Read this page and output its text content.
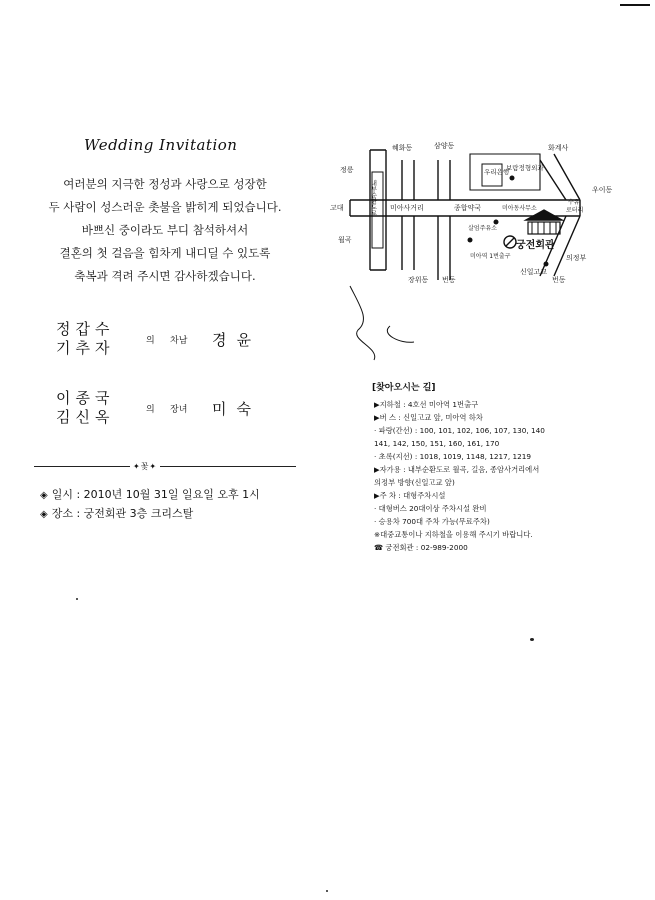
Wedding Invitation
여러분의 지극한 정성과 사랑으로 성장한
두 사람이 성스러운 촛불을 밝히게 되었습니다.
바쁘신 중이라도 부디 참석하셔서
결혼의 첫 걸음을 힘차게 내디딜 수 있도록
축복과 격려 주시면 감사하겠습니다.
정갑수
기추자	의 차남 경윤
이종국
김신옥	의 장녀 미숙
✦꽃✦
◈ 일시 : 2010년 10월 31일 일요일 오후 1시
◈ 장소 : 궁전회관 3층 크리스탈
혜화동	삼양동	화계사
정릉
고대
월곡
미아사거리
우리은행
보람정형외과
종합약국	미아동사무소
수유
로터리
우이동
살엄주유소
미아역 1번출구
궁전회관
신일고교
장위동 번동
의정부
번동
내부순환도로
[찾아오시는 길]
▶지하철 : 4호선 미아역 1번출구
▶버 스 : 신일고교 앞, 미아역 하차
· 파랑(간선) : 100, 101, 102, 106, 107, 130, 140
141, 142, 150, 151, 160, 161, 170
· 초록(지선) : 1018, 1019, 1148, 1217, 1219
▶자가용 : 내부순환도로 월곡, 길음, 종암사거리에서
의정부 방향(신일고교 앞)
▶주 차 : 대형주차시설
· 대형버스 20대이상 주차시설 완비
· 승용차 700대 주차 가능(무료주차)
※대중교통이나 지하철을 이용해 주시기 바랍니다.
☎ 궁전회관 : 02-989-2000
